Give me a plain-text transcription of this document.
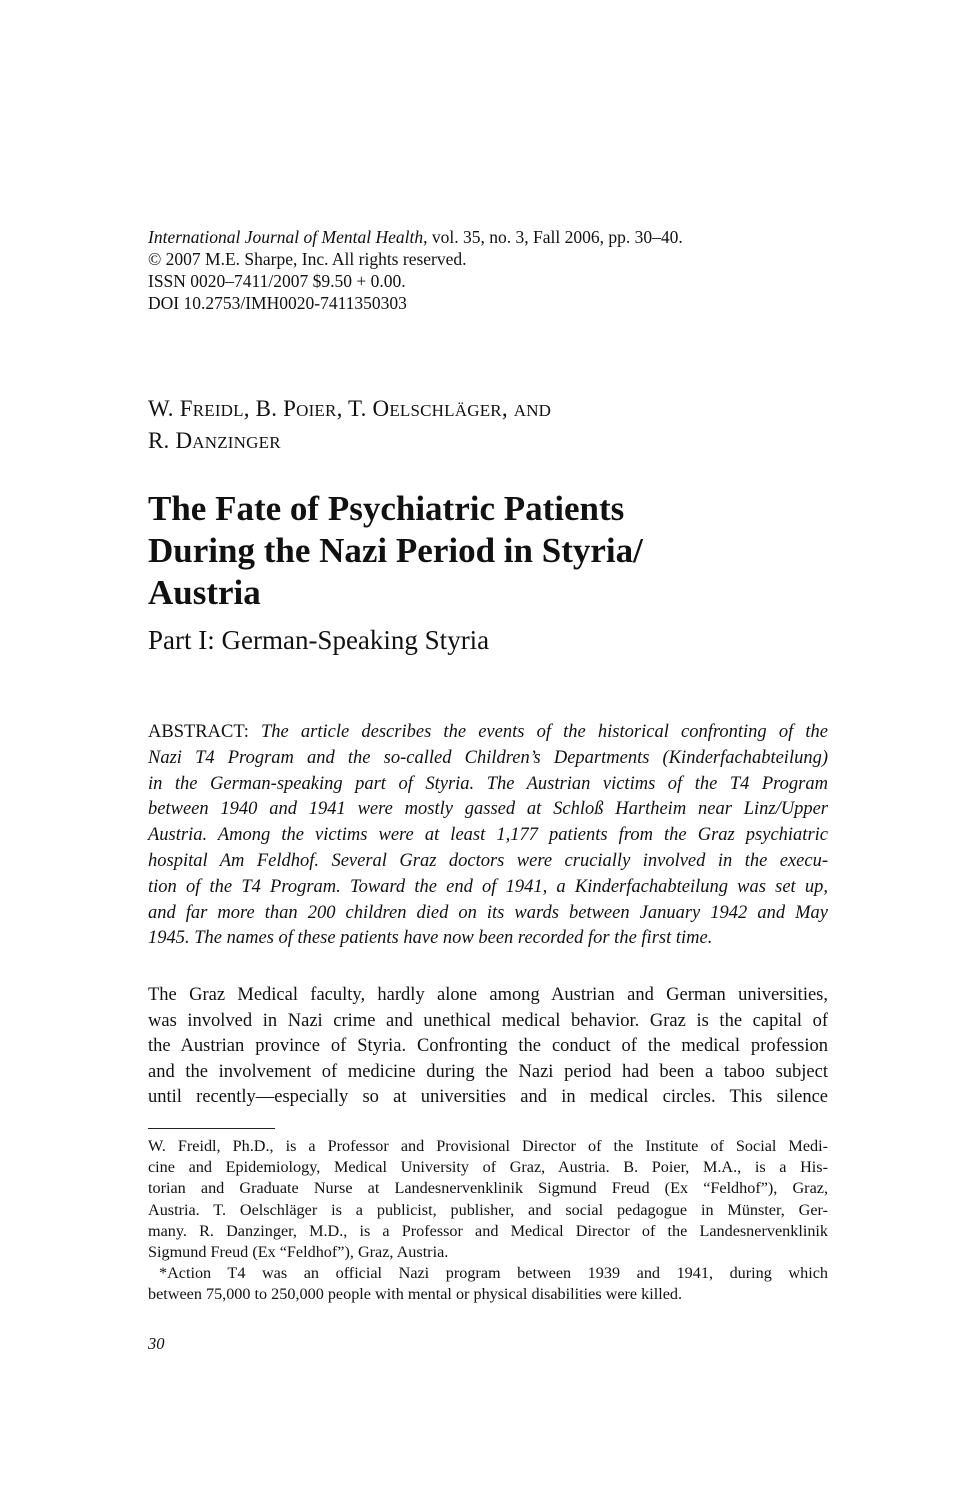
International Journal of Mental Health, vol. 35, no. 3, Fall 2006, pp. 30–40.
© 2007 M.E. Sharpe, Inc. All rights reserved.
ISSN 0020–7411/2007 $9.50 + 0.00.
DOI 10.2753/IMH0020-7411350303
W. FREIDL, B. POIER, T. OELSCHLÄGER, AND
R. DANZINGER
The Fate of Psychiatric Patients
During the Nazi Period in Styria/
Austria
Part I: German-Speaking Styria
ABSTRACT: The article describes the events of the historical confronting of the
Nazi T4 Program and the so-called Children’s Departments (Kinderfachabteilung)
in the German-speaking part of Styria. The Austrian victims of the T4 Program
between 1940 and 1941 were mostly gassed at Schloß Hartheim near Linz/Upper
Austria. Among the victims were at least 1,177 patients from the Graz psychiatric
hospital Am Feldhof. Several Graz doctors were crucially involved in the execu-
tion of the T4 Program. Toward the end of 1941, a Kinderfachabteilung was set up,
and far more than 200 children died on its wards between January 1942 and May
1945. The names of these patients have now been recorded for the first time.
The Graz Medical faculty, hardly alone among Austrian and German universities,
was involved in Nazi crime and unethical medical behavior. Graz is the capital of
the Austrian province of Styria. Confronting the conduct of the medical profession
and the involvement of medicine during the Nazi period had been a taboo subject
until recently—especially so at universities and in medical circles. This silence
W. Freidl, Ph.D., is a Professor and Provisional Director of the Institute of Social Medi-
cine and Epidemiology, Medical University of Graz, Austria. B. Poier, M.A., is a His-
torian and Graduate Nurse at Landesnervenklinik Sigmund Freud (Ex “Feldhof”), Graz,
Austria. T. Oelschläger is a publicist, publisher, and social pedagogue in Münster, Ger-
many. R. Danzinger, M.D., is a Professor and Medical Director of the Landesnervenklinik
Sigmund Freud (Ex “Feldhof”), Graz, Austria.
*Action T4 was an official Nazi program between 1939 and 1941, during which
between 75,000 to 250,000 people with mental or physical disabilities were killed.
30
